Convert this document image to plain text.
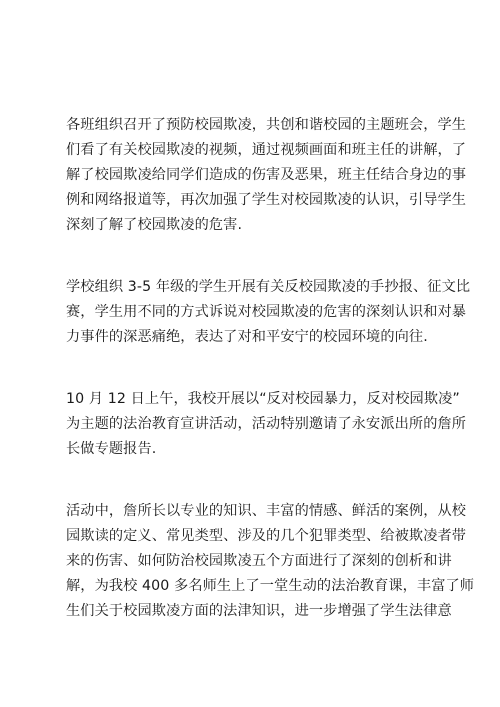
各班组织召开了预防校园欺凌，共创和谐校园的主题班会，学生
们看了有关校园欺凌的视频，通过视频画面和班主任的讲解，了
解了校园欺凌给同学们造成的伤害及恶果，班主任结合身边的事
例和网络报道等，再次加强了学生对校园欺凌的认识，引导学生
深刻了解了校园欺凌的危害.

学校组织 3-5 年级的学生开展有关反校园欺凌的手抄报、征文比
赛，学生用不同的方式诉说对校园欺凌的危害的深刻认识和对暴
力事件的深恶痛绝，表达了对和平安宁的校园环境的向往.

10 月 12 日上午，我校开展以“反对校园暴力，反对校园欺凌”
为主题的法治教育宣讲活动，活动特别邀请了永安派出所的詹所
长做专题报告.

活动中，詹所长以专业的知识、丰富的情感、鲜活的案例，从校
园欺读的定义、常见类型、涉及的几个犯罪类型、给被欺凌者带
来的伤害、如何防治校园欺凌五个方面进行了深刻的创析和讲
解，为我校 400 多名师生上了一堂生动的法治教育课，丰富了师
生们关于校园欺凌方面的法津知识，进一步增强了学生法律意
